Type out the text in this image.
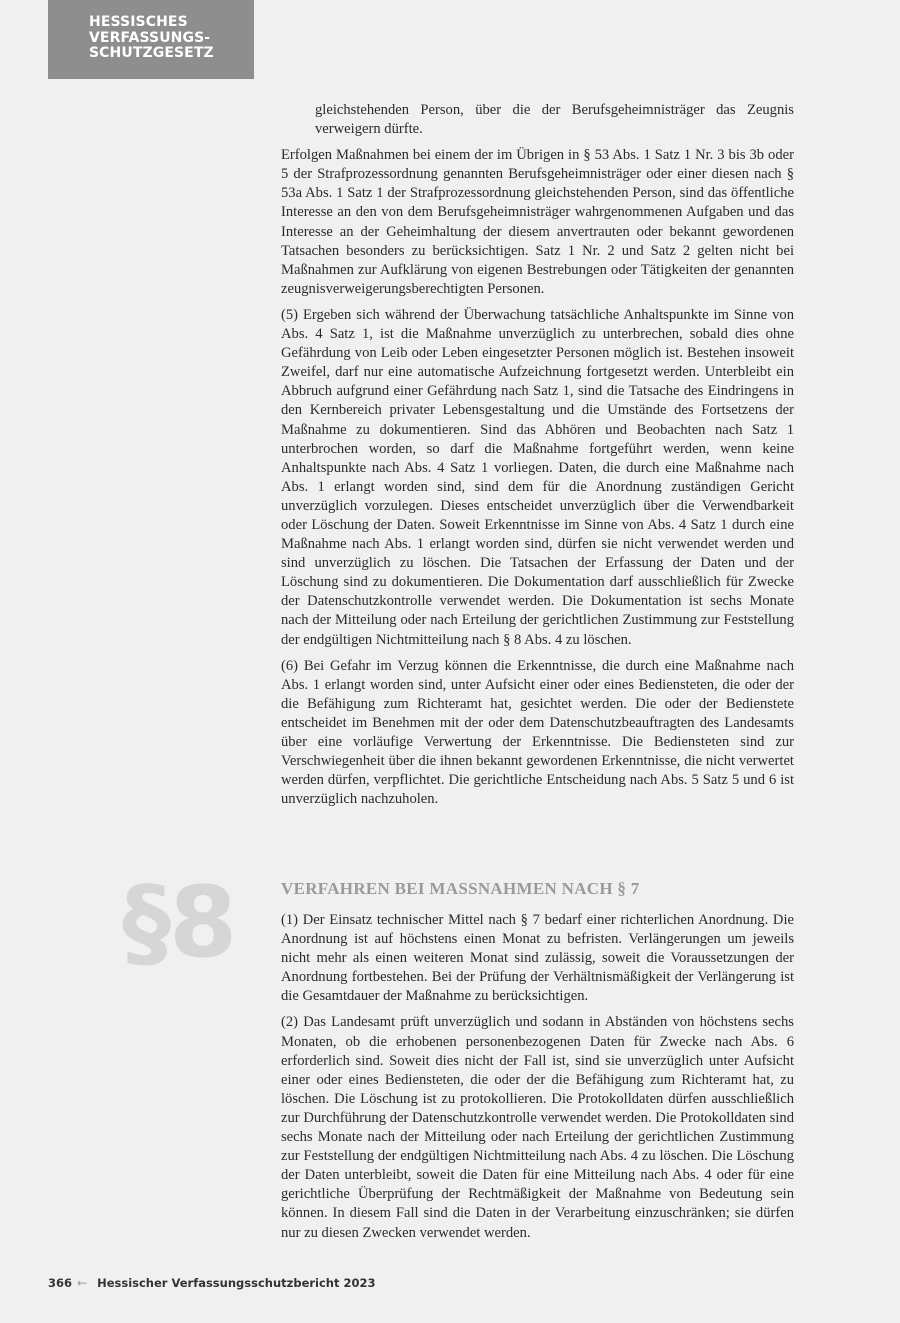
HESSISCHES
VERFASSUNGS-
SCHUTZGESETZ

gleichstehenden Person, über die der Berufsgeheimnisträger das Zeugnis verweigern dürfte.

Erfolgen Maßnahmen bei einem der im Übrigen in § 53 Abs. 1 Satz 1 Nr. 3 bis 3b oder 5 der Strafprozessordnung genannten Berufsgeheimnisträger oder einer diesen nach § 53a Abs. 1 Satz 1 der Strafprozessordnung gleichstehenden Person, sind das öffentliche Interesse an den von dem Berufsgeheimnisträger wahrgenommenen Aufgaben und das Interesse an der Geheimhaltung der diesem anvertrauten oder bekannt gewordenen Tatsachen besonders zu berücksichtigen. Satz 1 Nr. 2 und Satz 2 gelten nicht bei Maßnahmen zur Aufklärung von eigenen Bestrebungen oder Tätigkeiten der genannten zeugnisverweigerungsberechtigten Personen.

(5) Ergeben sich während der Überwachung tatsächliche Anhaltspunkte im Sinne von Abs. 4 Satz 1, ist die Maßnahme unverzüglich zu unterbrechen, sobald dies ohne Gefährdung von Leib oder Leben eingesetzter Personen möglich ist. Bestehen insoweit Zweifel, darf nur eine automatische Aufzeichnung fortgesetzt werden. Unterbleibt ein Abbruch aufgrund einer Gefährdung nach Satz 1, sind die Tatsache des Eindringens in den Kernbereich privater Lebensgestaltung und die Umstände des Fortsetzens der Maßnahme zu dokumentieren. Sind das Abhören und Beobachten nach Satz 1 unterbrochen worden, so darf die Maßnahme fortgeführt werden, wenn keine Anhaltspunkte nach Abs. 4 Satz 1 vorliegen. Daten, die durch eine Maßnahme nach Abs. 1 erlangt worden sind, sind dem für die Anordnung zuständigen Gericht unverzüglich vorzulegen. Dieses entscheidet unverzüglich über die Verwendbarkeit oder Löschung der Daten. Soweit Erkenntnisse im Sinne von Abs. 4 Satz 1 durch eine Maßnahme nach Abs. 1 erlangt worden sind, dürfen sie nicht verwendet werden und sind unverzüglich zu löschen. Die Tatsachen der Erfassung der Daten und der Löschung sind zu dokumentieren. Die Dokumentation darf ausschließlich für Zwecke der Datenschutzkontrolle verwendet werden. Die Dokumentation ist sechs Monate nach der Mitteilung oder nach Erteilung der gerichtlichen Zustimmung zur Feststellung der endgültigen Nichtmitteilung nach § 8 Abs. 4 zu löschen.

(6) Bei Gefahr im Verzug können die Erkenntnisse, die durch eine Maßnahme nach Abs. 1 erlangt worden sind, unter Aufsicht einer oder eines Bediensteten, die oder der die Befähigung zum Richteramt hat, gesichtet werden. Die oder der Bedienstete entscheidet im Benehmen mit der oder dem Datenschutzbeauftragten des Landesamts über eine vorläufige Verwertung der Erkenntnisse. Die Bediensteten sind zur Verschwiegenheit über die ihnen bekannt gewordenen Erkenntnisse, die nicht verwertet werden dürfen, verpflichtet. Die gerichtliche Entscheidung nach Abs. 5 Satz 5 und 6 ist unverzüglich nachzuholen.

§8	VERFAHREN BEI MASSNAHMEN NACH § 7

(1) Der Einsatz technischer Mittel nach § 7 bedarf einer richterlichen Anordnung. Die Anordnung ist auf höchstens einen Monat zu befristen. Verlängerungen um jeweils nicht mehr als einen weiteren Monat sind zulässig, soweit die Voraussetzungen der Anordnung fortbestehen. Bei der Prüfung der Verhältnismäßigkeit der Verlängerung ist die Gesamtdauer der Maßnahme zu berücksichtigen.

(2) Das Landesamt prüft unverzüglich und sodann in Abständen von höchstens sechs Monaten, ob die erhobenen personenbezogenen Daten für Zwecke nach Abs. 6 erforderlich sind. Soweit dies nicht der Fall ist, sind sie unverzüglich unter Aufsicht einer oder eines Bediensteten, die oder der die Befähigung zum Richteramt hat, zu löschen. Die Löschung ist zu protokollieren. Die Protokolldaten dürfen ausschließlich zur Durchführung der Datenschutzkontrolle verwendet werden. Die Protokolldaten sind sechs Monate nach der Mitteilung oder nach Erteilung der gerichtlichen Zustimmung zur Feststellung der endgültigen Nichtmitteilung nach Abs. 4 zu löschen. Die Löschung der Daten unterbleibt, soweit die Daten für eine Mitteilung nach Abs. 4 oder für eine gerichtliche Überprüfung der Rechtmäßigkeit der Maßnahme von Bedeutung sein können. In diesem Fall sind die Daten in der Verarbeitung einzuschränken; sie dürfen nur zu diesen Zwecken verwendet werden.

366 ← Hessischer Verfassungsschutzbericht 2023
